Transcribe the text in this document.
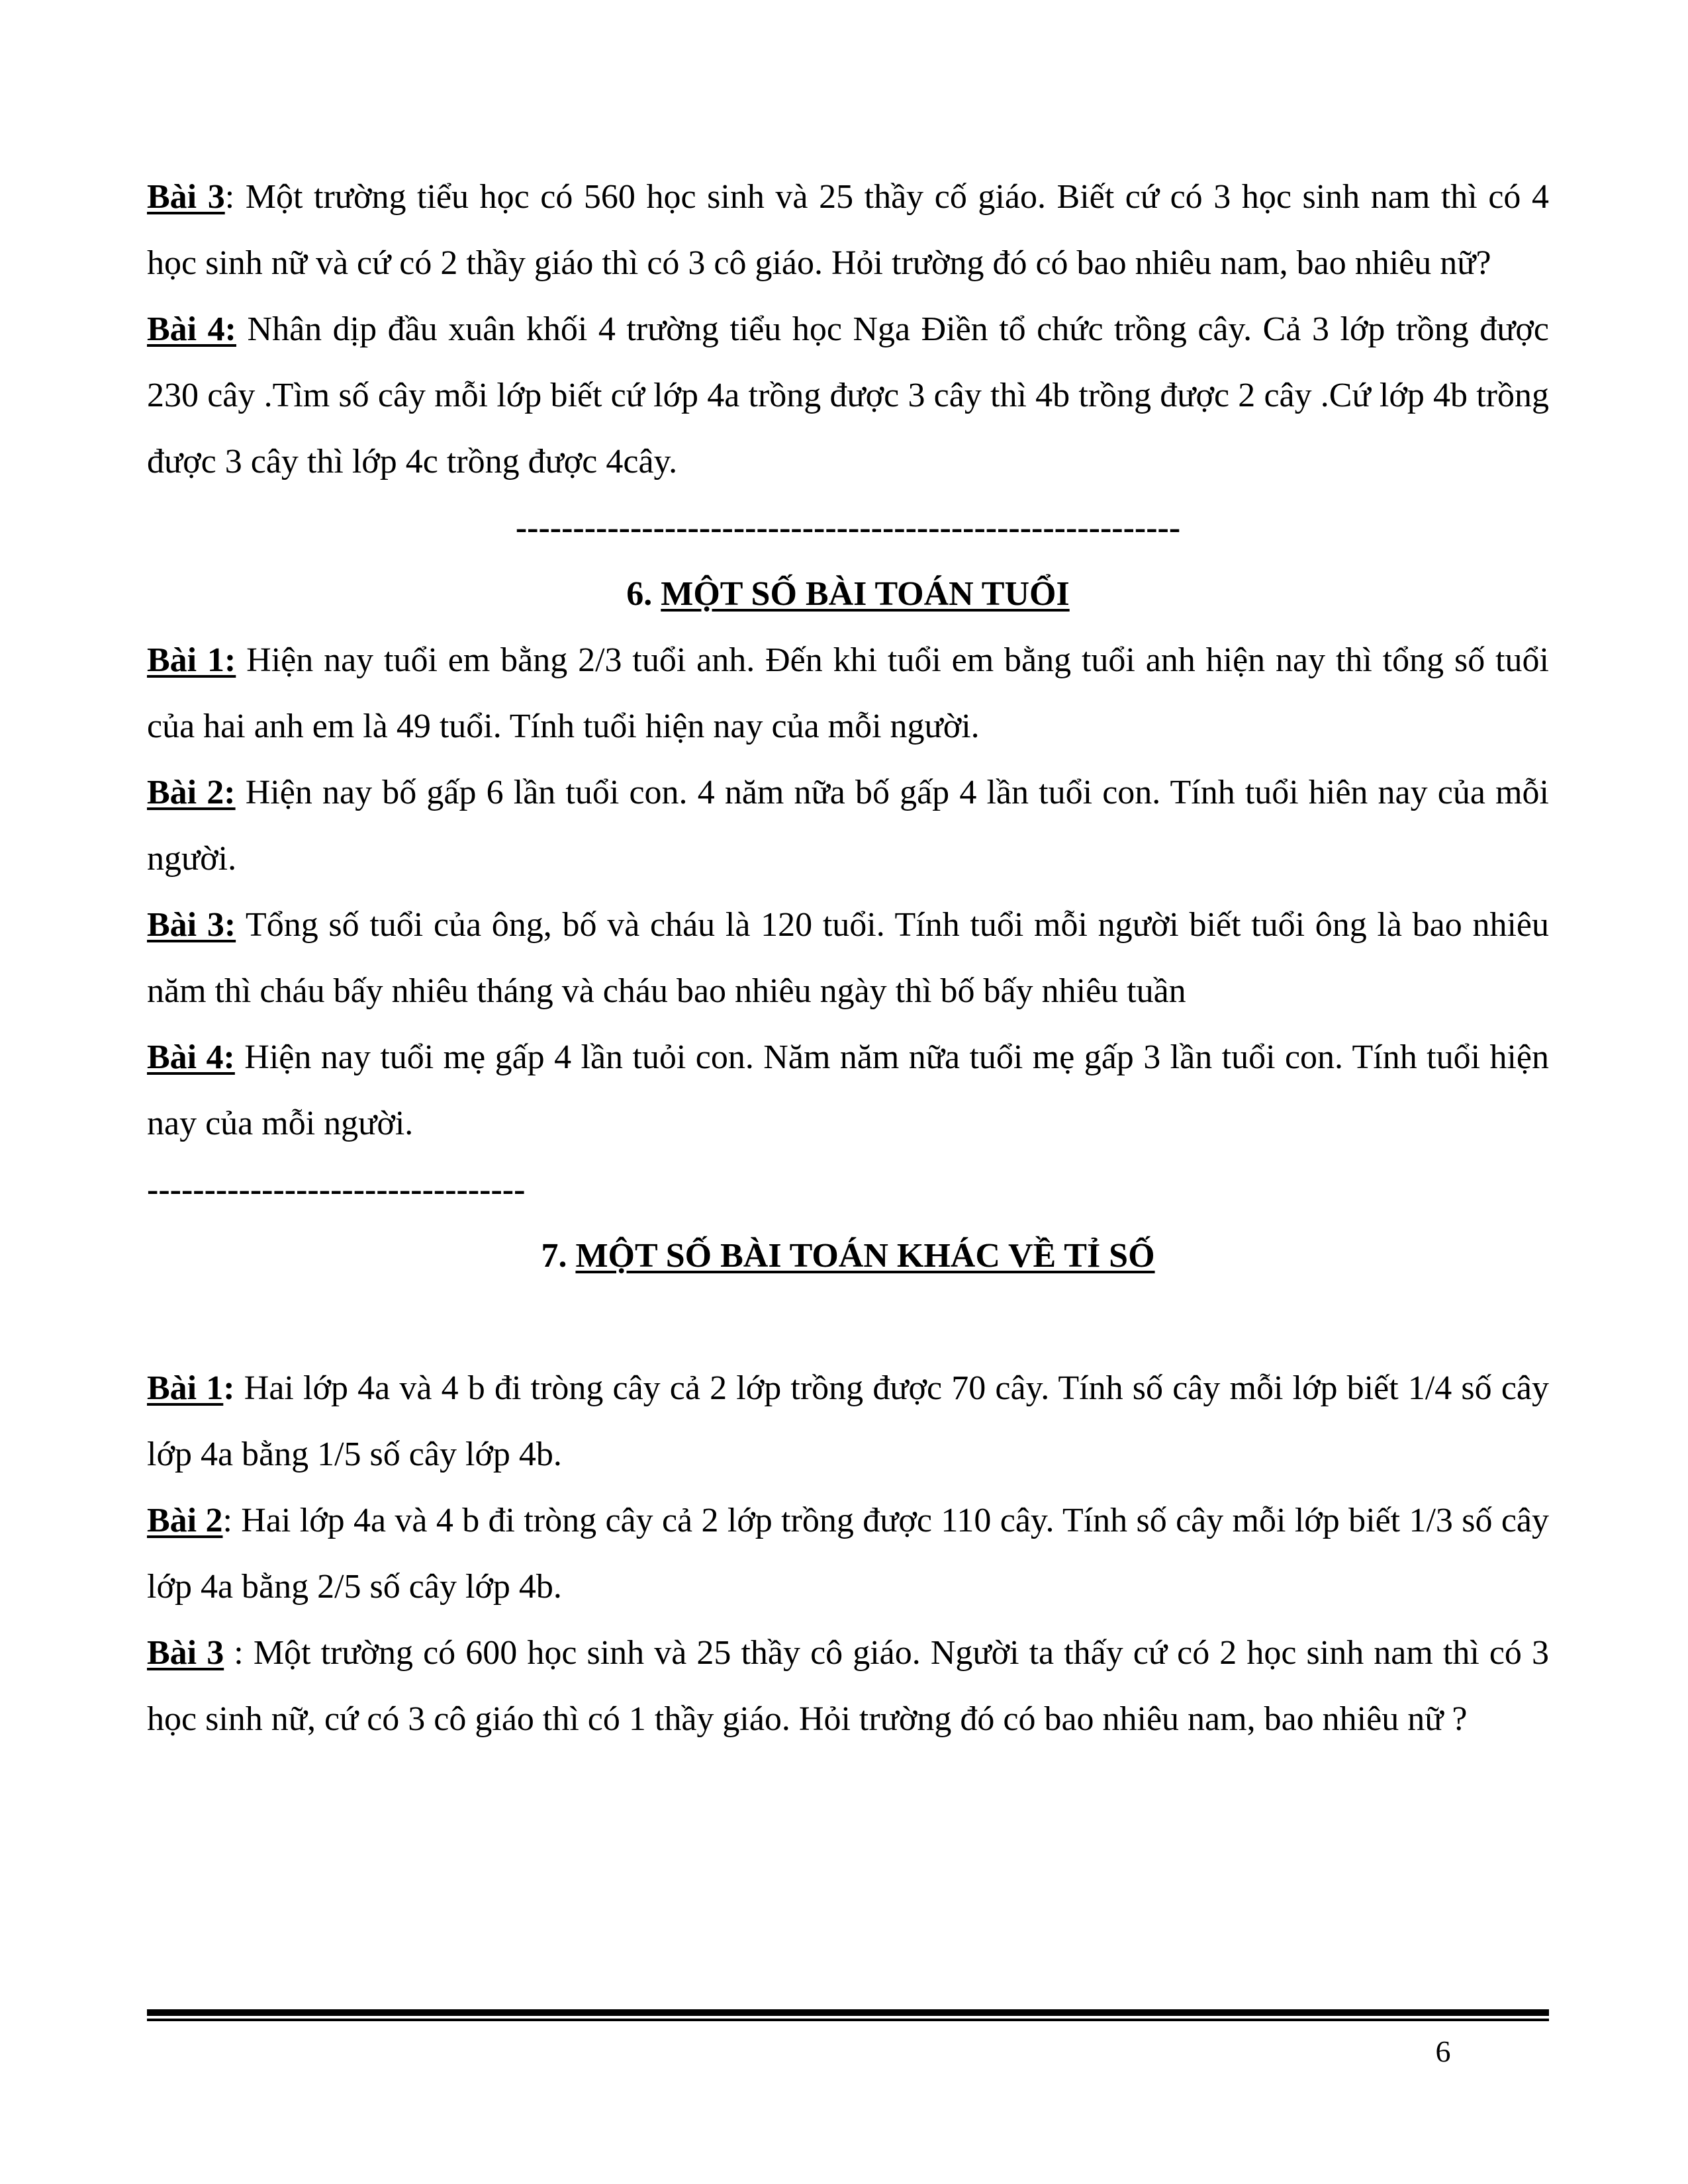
Bài 3: Một trường tiểu học có 560 học sinh và 25 thầy cố giáo. Biết cứ có 3 học sinh nam thì có 4 học sinh nữ và cứ có 2 thầy giáo thì có 3 cô giáo. Hỏi trường đó có bao nhiêu nam, bao nhiêu nữ?

Bài 4: Nhân dịp đầu xuân khối 4 trường tiểu học Nga Điền tổ chức trồng cây. Cả 3 lớp trồng được 230 cây .Tìm số cây mỗi lớp biết cứ lớp 4a trồng được 3 cây thì 4b trồng được 2 cây .Cứ lớp 4b trồng được 3 cây thì lớp 4c trồng được 4cây.

----------------------------------------------------------

6. MỘT SỐ BÀI TOÁN TUỔI

Bài 1: Hiện nay tuổi em bằng 2/3 tuổi anh. Đến khi tuổi em bằng tuổi anh hiện nay thì tổng số tuổi của hai anh em là 49 tuổi. Tính tuổi hiện nay của mỗi người.

Bài 2: Hiện nay bố gấp 6 lần tuổi con. 4 năm nữa bố gấp 4 lần tuổi con. Tính tuổi hiên nay của mỗi người.

Bài 3: Tổng số tuổi của ông, bố và cháu là 120 tuổi. Tính tuổi mỗi người biết tuổi ông là bao nhiêu năm thì cháu bấy nhiêu tháng và cháu bao nhiêu ngày thì bố bấy nhiêu tuần

Bài 4: Hiện nay tuổi mẹ gấp 4 lần tuỏi con. Năm năm nữa tuổi mẹ gấp 3 lần tuổi con. Tính tuổi hiện nay của mỗi người.

---------------------------------

7. MỘT SỐ BÀI TOÁN KHÁC VỀ TỈ SỐ

Bài 1: Hai lớp 4a và 4 b đi tròng cây cả 2 lớp trồng được 70 cây. Tính số cây mỗi lớp biết 1/4 số cây lớp 4a bằng 1/5 số cây lớp 4b.

Bài 2: Hai lớp 4a và 4 b đi tròng cây cả 2 lớp trồng được 110 cây. Tính số cây mỗi lớp biết 1/3 số cây lớp 4a bằng 2/5 số cây lớp 4b.

Bài 3 : Một trường có 600 học sinh và 25 thầy cô giáo. Người ta thấy cứ có 2 học sinh nam thì có 3 học sinh nữ, cứ có 3 cô giáo thì có 1 thầy giáo. Hỏi trường đó có bao nhiêu nam, bao nhiêu nữ ?

6
